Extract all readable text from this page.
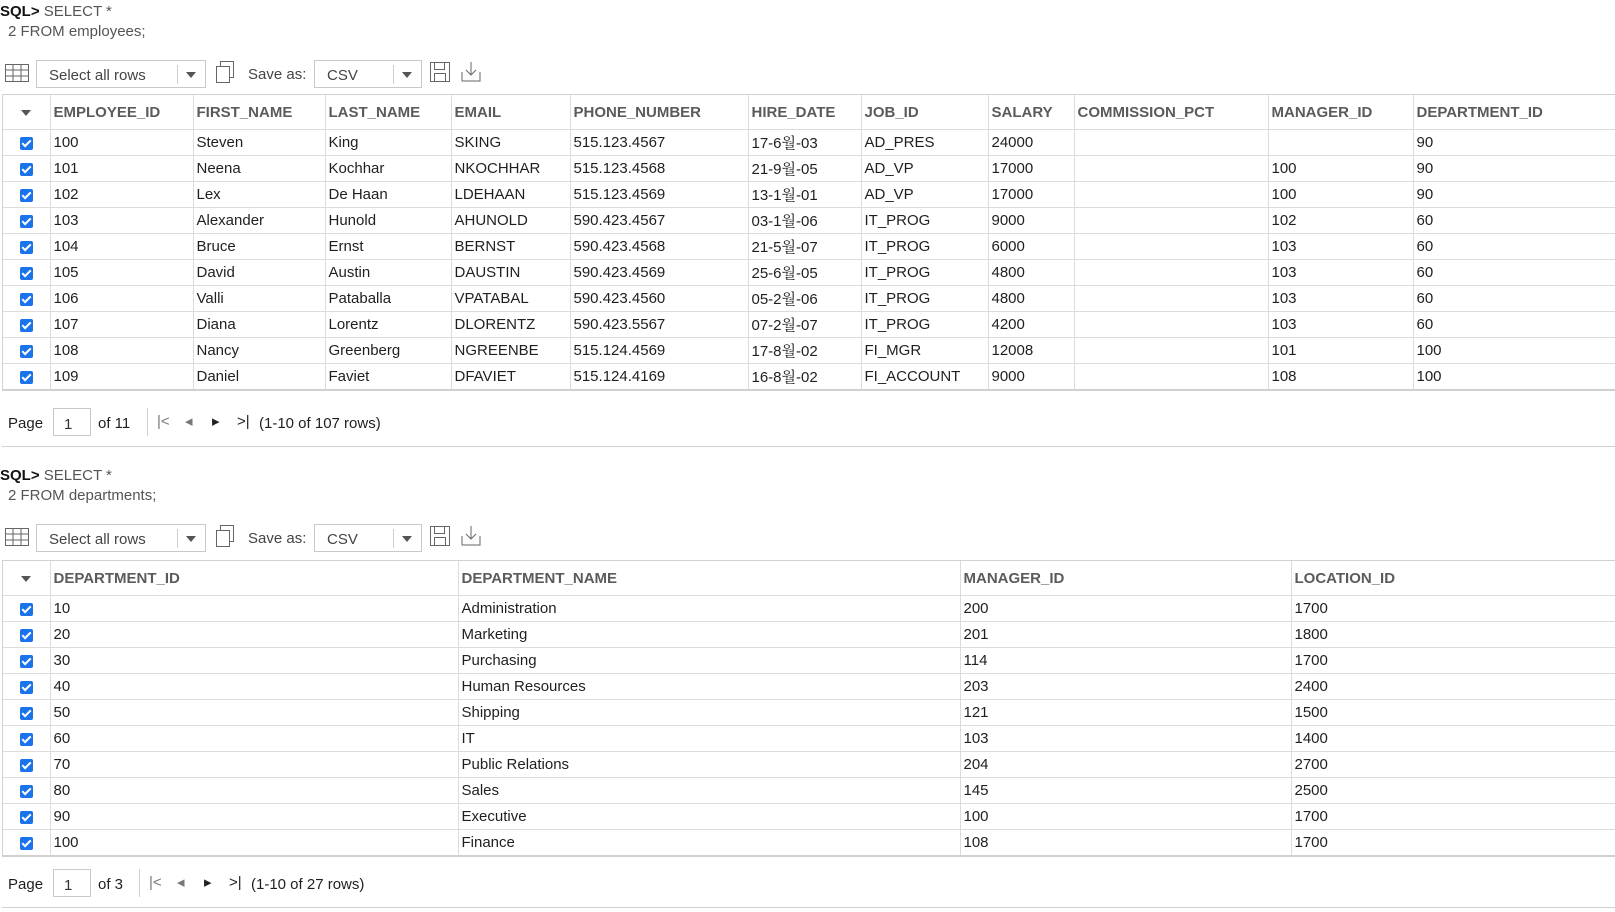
SQL> SELECT *
2 FROM employees;
Select all rows	Save as: CSV
	EMPLOYEE_ID	FIRST_NAME	LAST_NAME	EMAIL	PHONE_NUMBER	HIRE_DATE	JOB_ID	SALARY	COMMISSION_PCT	MANAGER_ID	DEPARTMENT_ID	
	100	Steven	King	SKING	515.123.4567	17-6월-03	AD_PRES	24000			90	
	101	Neena	Kochhar	NKOCHHAR	515.123.4568	21-9월-05	AD_VP	17000		100	90	
	102	Lex	De Haan	LDEHAAN	515.123.4569	13-1월-01	AD_VP	17000		100	90	
	103	Alexander	Hunold	AHUNOLD	590.423.4567	03-1월-06	IT_PROG	9000		102	60	
	104	Bruce	Ernst	BERNST	590.423.4568	21-5월-07	IT_PROG	6000		103	60	
	105	David	Austin	DAUSTIN	590.423.4569	25-6월-05	IT_PROG	4800		103	60	
	106	Valli	Pataballa	VPATABAL	590.423.4560	05-2월-06	IT_PROG	4800		103	60	
	107	Diana	Lorentz	DLORENTZ	590.423.5567	07-2월-07	IT_PROG	4200		103	60	
	108	Nancy	Greenberg	NGREENBE	515.124.4569	17-8월-02	FI_MGR	12008		101	100	
	109	Daniel	Faviet	DFAVIET	515.124.4169	16-8월-02	FI_ACCOUNT	9000		108	100	
Page
1	of 11 |< ◂ ▸ >| (1-10 of 107 rows)
SQL> SELECT *
2 FROM departments;
Select all rows	Save as: CSV
	DEPARTMENT_ID	DEPARTMENT_NAME	MANAGER_ID	LOCATION_ID	
	10	Administration	200	1700	
	20	Marketing	201	1800	
	30	Purchasing	114	1700	
	40	Human Resources	203	2400	
	50	Shipping	121	1500	
	60	IT	103	1400	
	70	Public Relations	204	2700	
	80	Sales	145	2500	
	90	Executive	100	1700	
	100	Finance	108	1700	
Page
1	of 3 |< ◂ ▸ >| (1-10 of 27 rows)
